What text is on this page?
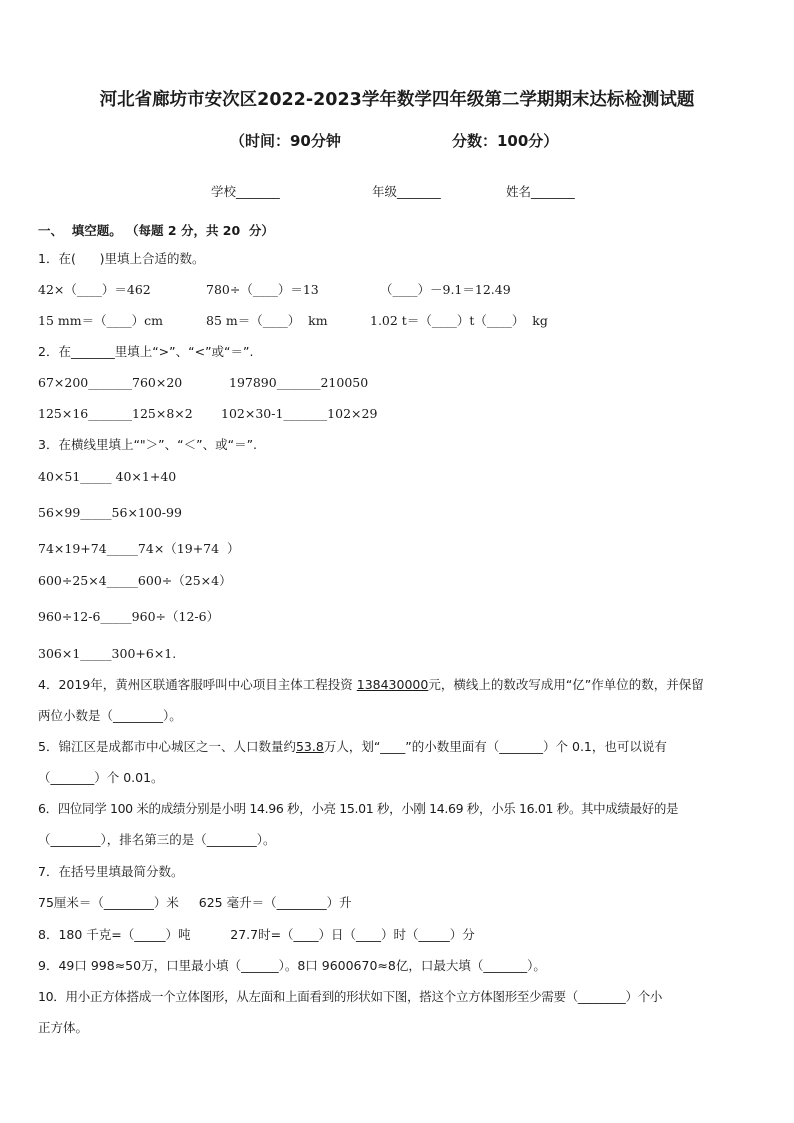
河北省廊坊市安次区2022-2023学年数学四年级第二学期期末达标检测试题
（时间：90分钟	分数：100分）
学校_______	年级_______	姓名_______
一、  填空题。 （每题 2 分，共 20  分）
1．在(      )里填上合适的数。
42×（____）＝462	780÷（____）＝13	（____）－9.1＝12.49
15 mm＝（____）cm	85 m＝（____）  km	1.02 t＝（____）t（____）  kg
2．在_______里填上“>”、“<”或“＝”.
67×200_______760×20	197890_______210050
125×16_______125×8×2 102×30-1_______102×29
3．在横线里填上“"＞”、“＜”、或“＝”.
40×51_____ 40×1+40
56×99_____56×100-99
74×19+74_____74×（19+74  ）
600÷25×4_____600÷（25×4）
960÷12-6_____960÷（12-6）
306×1_____300+6×1.
4．2019年，黄州区联通客服呼叫中心项目主体工程投资 138430000元，横线上的数改写成用“亿”作单位的数，并保留
两位小数是（________）。
5．锦江区是成都市中心城区之一、人口数量约53.8万人，划“____”的小数里面有（_______）个 0.1，也可以说有
（_______）个 0.01。
6．四位同学 100 米的成绩分别是小明 14.96 秒，小亮 15.01 秒，小刚 14.69 秒，小乐 16.01 秒。其中成绩最好的是
（________），排名第三的是（________）。
7．在括号里填最简分数。
75厘米＝（________）米     625 毫升＝（________）升
8．180 千克=（_____）吨          27.7时=（____）日（____）时（_____）分
9．49口 998≈50万，口里最小填（______）。8口 9600670≈8亿，口最大填（_______）。
10．用小正方体搭成一个立体图形，从左面和上面看到的形状如下图，搭这个立方体图形至少需要（________）个小
正方体。
